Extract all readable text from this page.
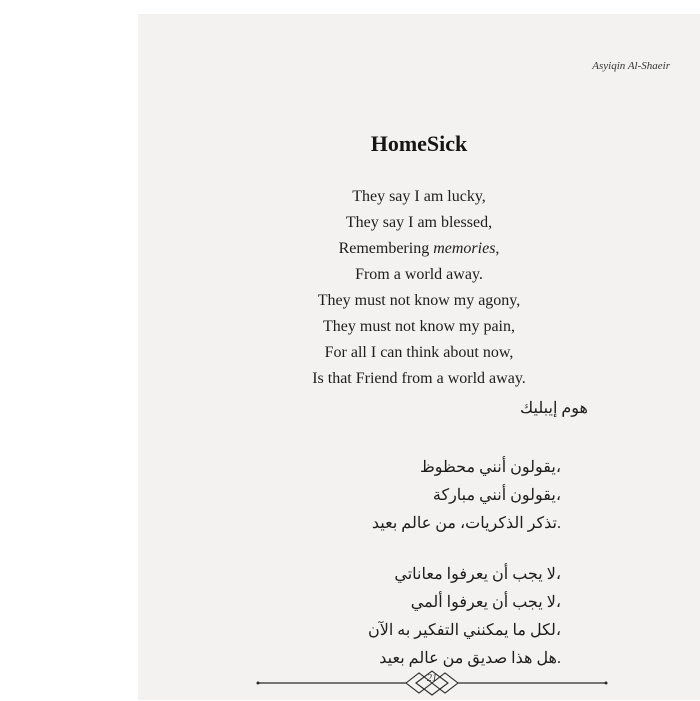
Asyiqin Al-Shaeir
HomeSick
They say I am lucky,
They say I am blessed,
Remembering memories,
From a world away.
They must not know my agony,
They must not know my pain,
For all I can think about now,
Is that Friend from a world away.
هوم إيبليك
،يقولون أنني محظوظ
،يقولون أنني مباركة
.تذكر الذكريات، من عالم بعيد
،لا يجب أن يعرفوا معاناتي
،لا يجب أن يعرفوا ألمي
،لكل ما يمكنني التفكير به الآن
.هل هذا صديق من عالم بعيد
21
